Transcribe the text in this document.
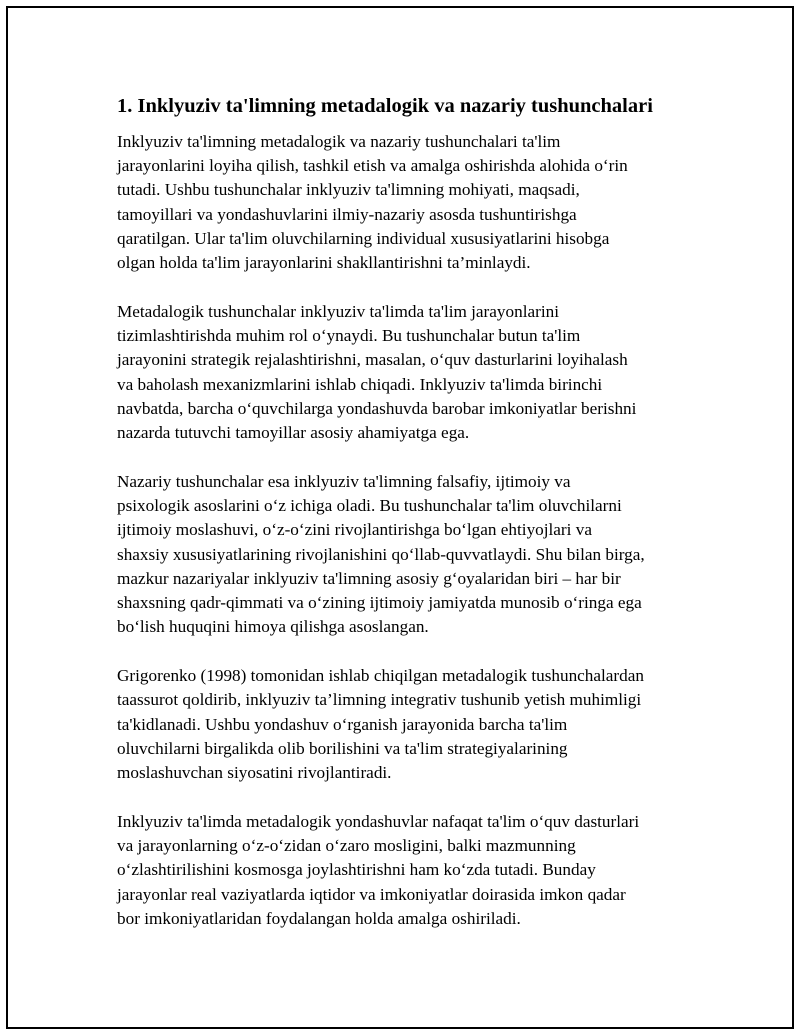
1. Inklyuziv ta'limning metadalogik va nazariy tushunchalari

Inklyuziv ta'limning metadalogik va nazariy tushunchalari ta'lim
jarayonlarini loyiha qilish, tashkil etish va amalga oshirishda alohida o‘rin
tutadi. Ushbu tushunchalar inklyuziv ta'limning mohiyati, maqsadi,
tamoyillari va yondashuvlarini ilmiy-nazariy asosda tushuntirishga
qaratilgan. Ular ta'lim oluvchilarning individual xususiyatlarini hisobga
olgan holda ta'lim jarayonlarini shakllantirishni ta’minlaydi.

Metadalogik tushunchalar inklyuziv ta'limda ta'lim jarayonlarini
tizimlashtirishda muhim rol o‘ynaydi. Bu tushunchalar butun ta'lim
jarayonini strategik rejalashtirishni, masalan, o‘quv dasturlarini loyihalash
va baholash mexanizmlarini ishlab chiqadi. Inklyuziv ta'limda birinchi
navbatda, barcha o‘quvchilarga yondashuvda barobar imkoniyatlar berishni
nazarda tutuvchi tamoyillar asosiy ahamiyatga ega.

Nazariy tushunchalar esa inklyuziv ta'limning falsafiy, ijtimoiy va
psixologik asoslarini o‘z ichiga oladi. Bu tushunchalar ta'lim oluvchilarni
ijtimoiy moslashuvi, o‘z-o‘zini rivojlantirishga bo‘lgan ehtiyojlari va
shaxsiy xususiyatlarining rivojlanishini qo‘llab-quvvatlaydi. Shu bilan birga,
mazkur nazariyalar inklyuziv ta'limning asosiy g‘oyalaridan biri – har bir
shaxsning qadr-qimmati va o‘zining ijtimoiy jamiyatda munosib o‘ringa ega
bo‘lish huquqini himoya qilishga asoslangan.

Grigorenko (1998) tomonidan ishlab chiqilgan metadalogik tushunchalardan
taassurot qoldirib, inklyuziv ta’limning integrativ tushunib yetish muhimligi
ta'kidlanadi. Ushbu yondashuv o‘rganish jarayonida barcha ta'lim
oluvchilarni birgalikda olib borilishini va ta'lim strategiyalarining
moslashuvchan siyosatini rivojlantiradi.

Inklyuziv ta'limda metadalogik yondashuvlar nafaqat ta'lim o‘quv dasturlari
va jarayonlarning o‘z-o‘zidan o‘zaro mosligini, balki mazmunning
o‘zlashtirilishini kosmosga joylashtirishni ham ko‘zda tutadi. Bunday
jarayonlar real vaziyatlarda iqtidor va imkoniyatlar doirasida imkon qadar
bor imkoniyatlaridan foydalangan holda amalga oshiriladi.
